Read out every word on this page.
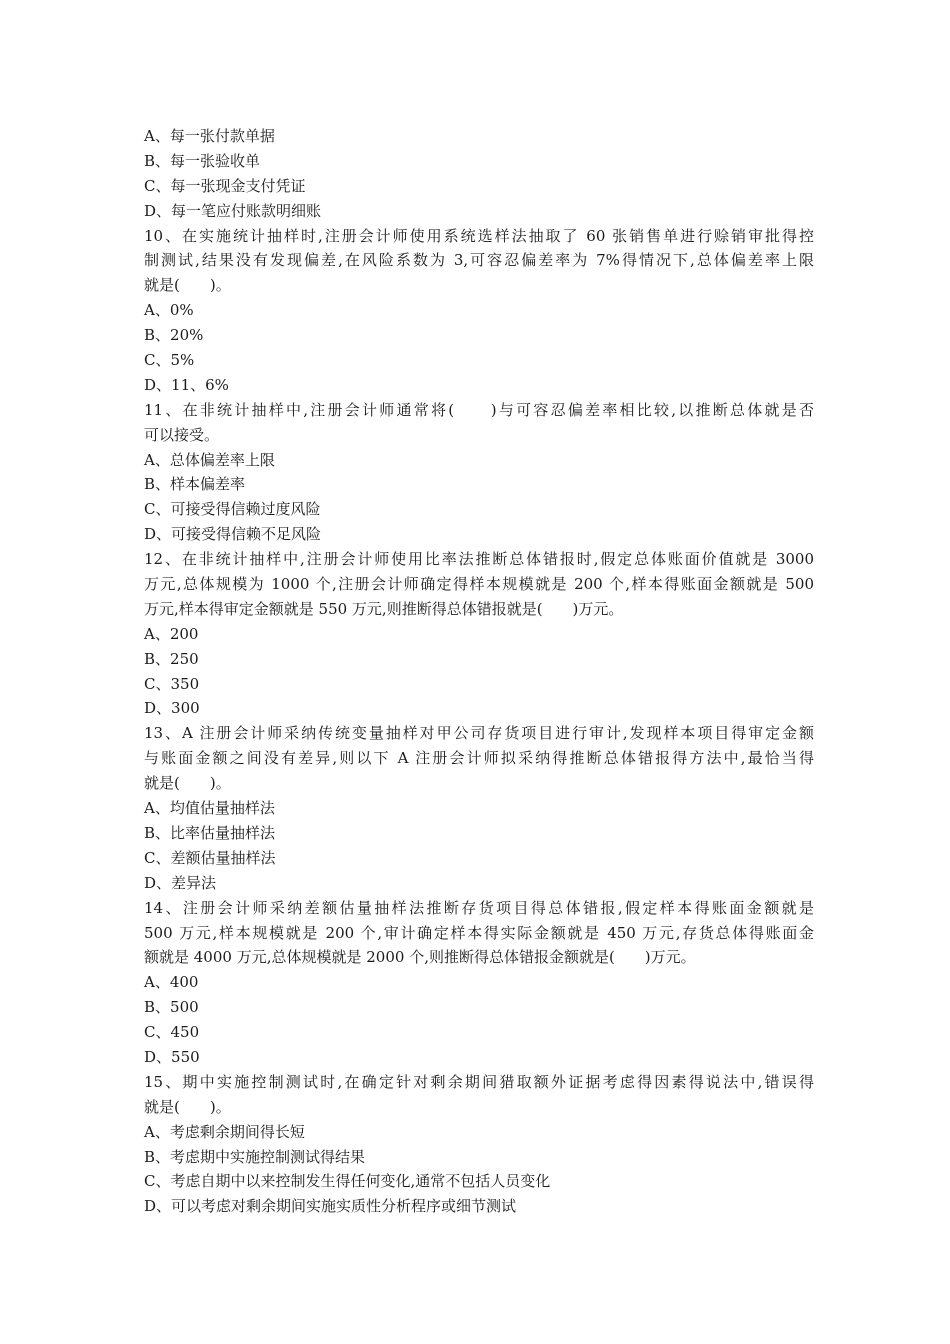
A、每一张付款单据
B、每一张验收单
C、每一张现金支付凭证
D、每一笔应付账款明细账
10、在实施统计抽样时,注册会计师使用系统选样法抽取了 60 张销售单进行赊销审批得控
制测试,结果没有发现偏差,在风险系数为 3,可容忍偏差率为 7%得情况下,总体偏差率上限
就是(　　)。
A、0%
B、20%
C、5%
D、11、6%
11、在非统计抽样中,注册会计师通常将(　　)与可容忍偏差率相比较,以推断总体就是否
可以接受。
A、总体偏差率上限
B、样本偏差率
C、可接受得信赖过度风险
D、可接受得信赖不足风险
12、在非统计抽样中,注册会计师使用比率法推断总体错报时,假定总体账面价值就是 3000
万元,总体规模为 1000 个,注册会计师确定得样本规模就是 200 个,样本得账面金额就是 500
万元,样本得审定金额就是 550 万元,则推断得总体错报就是(　　)万元。
A、200
B、250
C、350
D、300
13、A 注册会计师采纳传统变量抽样对甲公司存货项目进行审计,发现样本项目得审定金额
与账面金额之间没有差异,则以下 A 注册会计师拟采纳得推断总体错报得方法中,最恰当得
就是(　　)。
A、均值估量抽样法
B、比率估量抽样法
C、差额估量抽样法
D、差异法
14、注册会计师采纳差额估量抽样法推断存货项目得总体错报,假定样本得账面金额就是
500 万元,样本规模就是 200 个,审计确定样本得实际金额就是 450 万元,存货总体得账面金
额就是 4000 万元,总体规模就是 2000 个,则推断得总体错报金额就是(　　)万元。
A、400
B、500
C、450
D、550
15、期中实施控制测试时,在确定针对剩余期间猎取额外证据考虑得因素得说法中,错误得
就是(　　)。
A、考虑剩余期间得长短
B、考虑期中实施控制测试得结果
C、考虑自期中以来控制发生得任何变化,通常不包括人员变化
D、可以考虑对剩余期间实施实质性分析程序或细节测试
